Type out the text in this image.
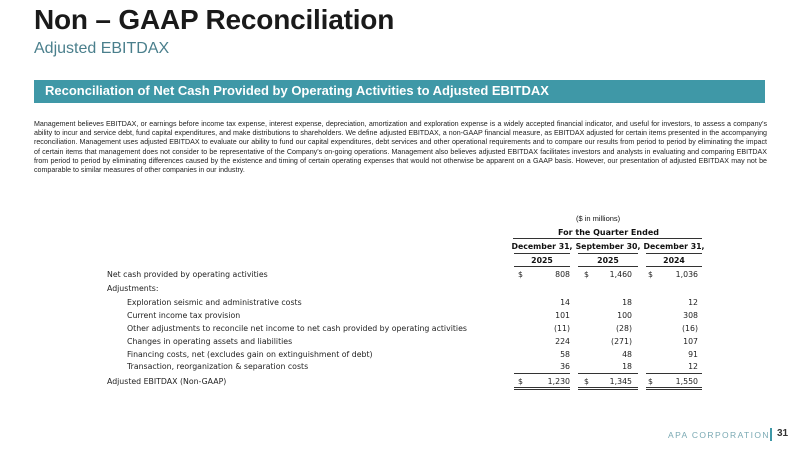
Non – GAAP Reconciliation
Adjusted EBITDAX
Reconciliation of Net Cash Provided by Operating Activities to Adjusted EBITDAX
Management believes EBITDAX, or earnings before income tax expense, interest expense, depreciation, amortization and exploration expense is a widely accepted financial indicator, and useful for investors, to assess a company's ability to incur and service debt, fund capital expenditures, and make distributions to shareholders. We define adjusted EBITDAX, a non-GAAP financial measure, as EBITDAX adjusted for certain items presented in the accompanying reconciliation. Management uses adjusted EBITDAX to evaluate our ability to fund our capital expenditures, debt services and other operational requirements and to compare our results from period to period by eliminating the impact of certain items that management does not consider to be representative of the Company's on-going operations. Management also believes adjusted EBITDAX facilitates investors and analysts in evaluating and comparing EBITDAX from period to period by eliminating differences caused by the existence and timing of certain operating expenses that would not otherwise be apparent on a GAAP basis. However, our presentation of adjusted EBITDAX may not be comparable to similar measures of other companies in our industry.
($ in millions)
For the Quarter Ended
December 31, September 30, December 31,
2025	2025	2024
Net cash provided by operating activities	$	808 $	1,460 $	1,036
Adjustments:
Exploration seismic and administrative costs	14	18	12
Current income tax provision	101	100	308
Other adjustments to reconcile net income to net cash provided by operating activities	(11)	(28)	(16)
Changes in operating assets and liabilities	224	(271)	107
Financing costs, net (excludes gain on extinguishment of debt)	58	48	91
Transaction, reorganization & separation costs	36	18	12
Adjusted EBITDAX (Non-GAAP)	$	1,230 $	1,345 $	1,550
APA CORPORATION 31
